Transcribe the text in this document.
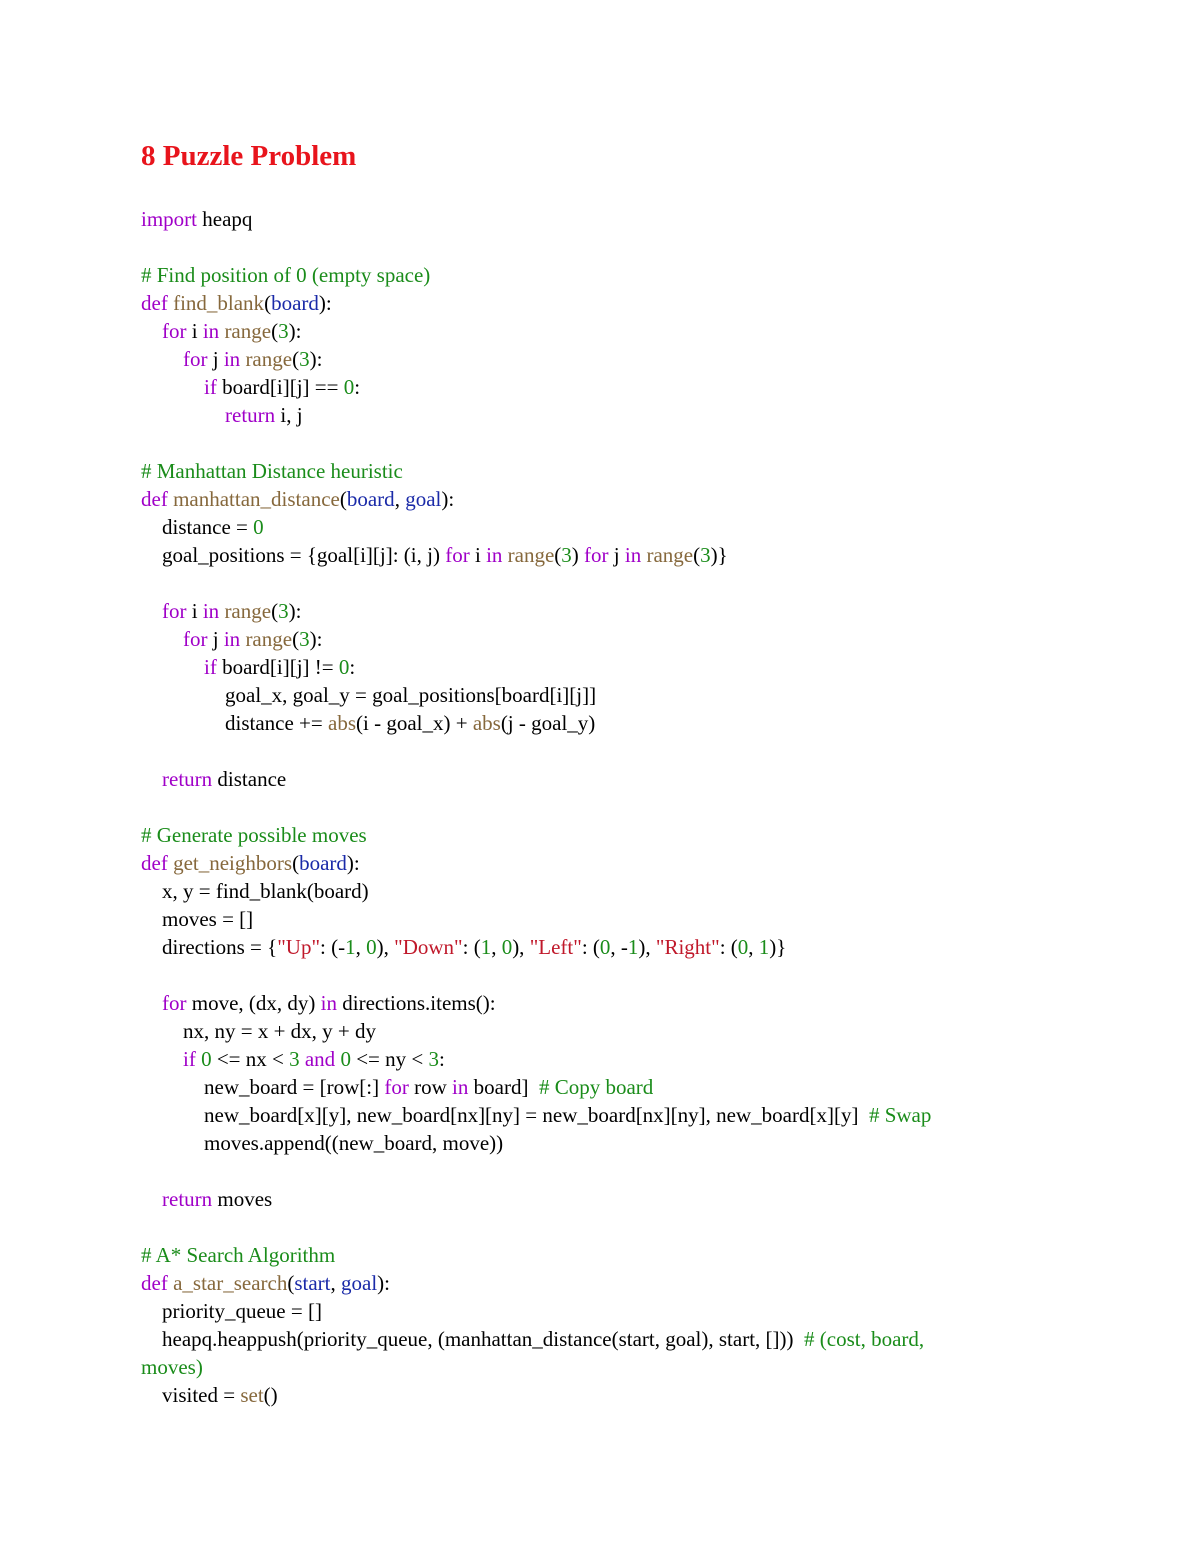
8 Puzzle Problem
import heapq

# Find position of 0 (empty space)
def find_blank(board):
for i in range(3):
for j in range(3):
if board[i][j] == 0:
return i, j

# Manhattan Distance heuristic
def manhattan_distance(board, goal):
distance = 0
goal_positions = {goal[i][j]: (i, j) for i in range(3) for j in range(3)}

for i in range(3):
for j in range(3):
if board[i][j] != 0:
goal_x, goal_y = goal_positions[board[i][j]]
distance += abs(i - goal_x) + abs(j - goal_y)

return distance

# Generate possible moves
def get_neighbors(board):
x, y = find_blank(board)
moves = []
directions = {"Up": (-1, 0), "Down": (1, 0), "Left": (0, -1), "Right": (0, 1)}

for move, (dx, dy) in directions.items():
nx, ny = x + dx, y + dy
if 0 <= nx < 3 and 0 <= ny < 3:
new_board = [row[:] for row in board]  # Copy board
new_board[x][y], new_board[nx][ny] = new_board[nx][ny], new_board[x][y]  # Swap
moves.append((new_board, move))

return moves

# A* Search Algorithm
def a_star_search(start, goal):
priority_queue = []
heapq.heappush(priority_queue, (manhattan_distance(start, goal), start, []))  # (cost, board,
moves)
visited = set()
